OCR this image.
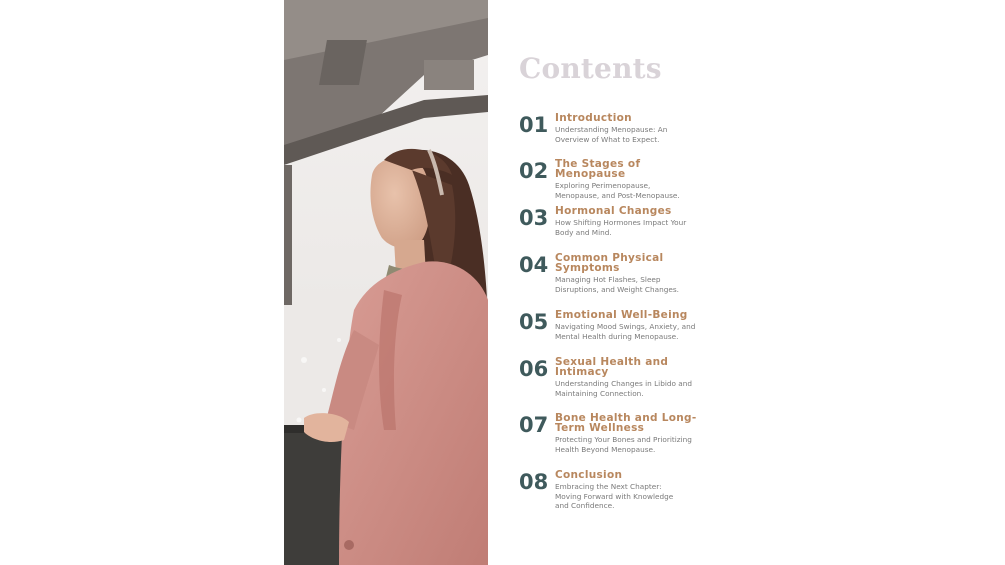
Contents
01 Introduction
Understanding Menopause: An
Overview of What to Expect.
02 The Stages of Menopause
Exploring Perimenopause,
Menopause, and Post-Menopause.
03 Hormonal Changes
How Shifting Hormones Impact Your
Body and Mind.
04 Common Physical
Symptoms
Managing Hot Flashes, Sleep
Disruptions, and Weight Changes.
05 Emotional Well-Being
Navigating Mood Swings, Anxiety, and
Mental Health during Menopause.
06 Sexual Health and
Intimacy
Understanding Changes in Libido and
Maintaining Connection.
07 Bone Health and Long-
Term Wellness
Protecting Your Bones and Prioritizing
Health Beyond Menopause.
08 Conclusion
Embracing the Next Chapter:
Moving Forward with Knowledge
and Confidence.
